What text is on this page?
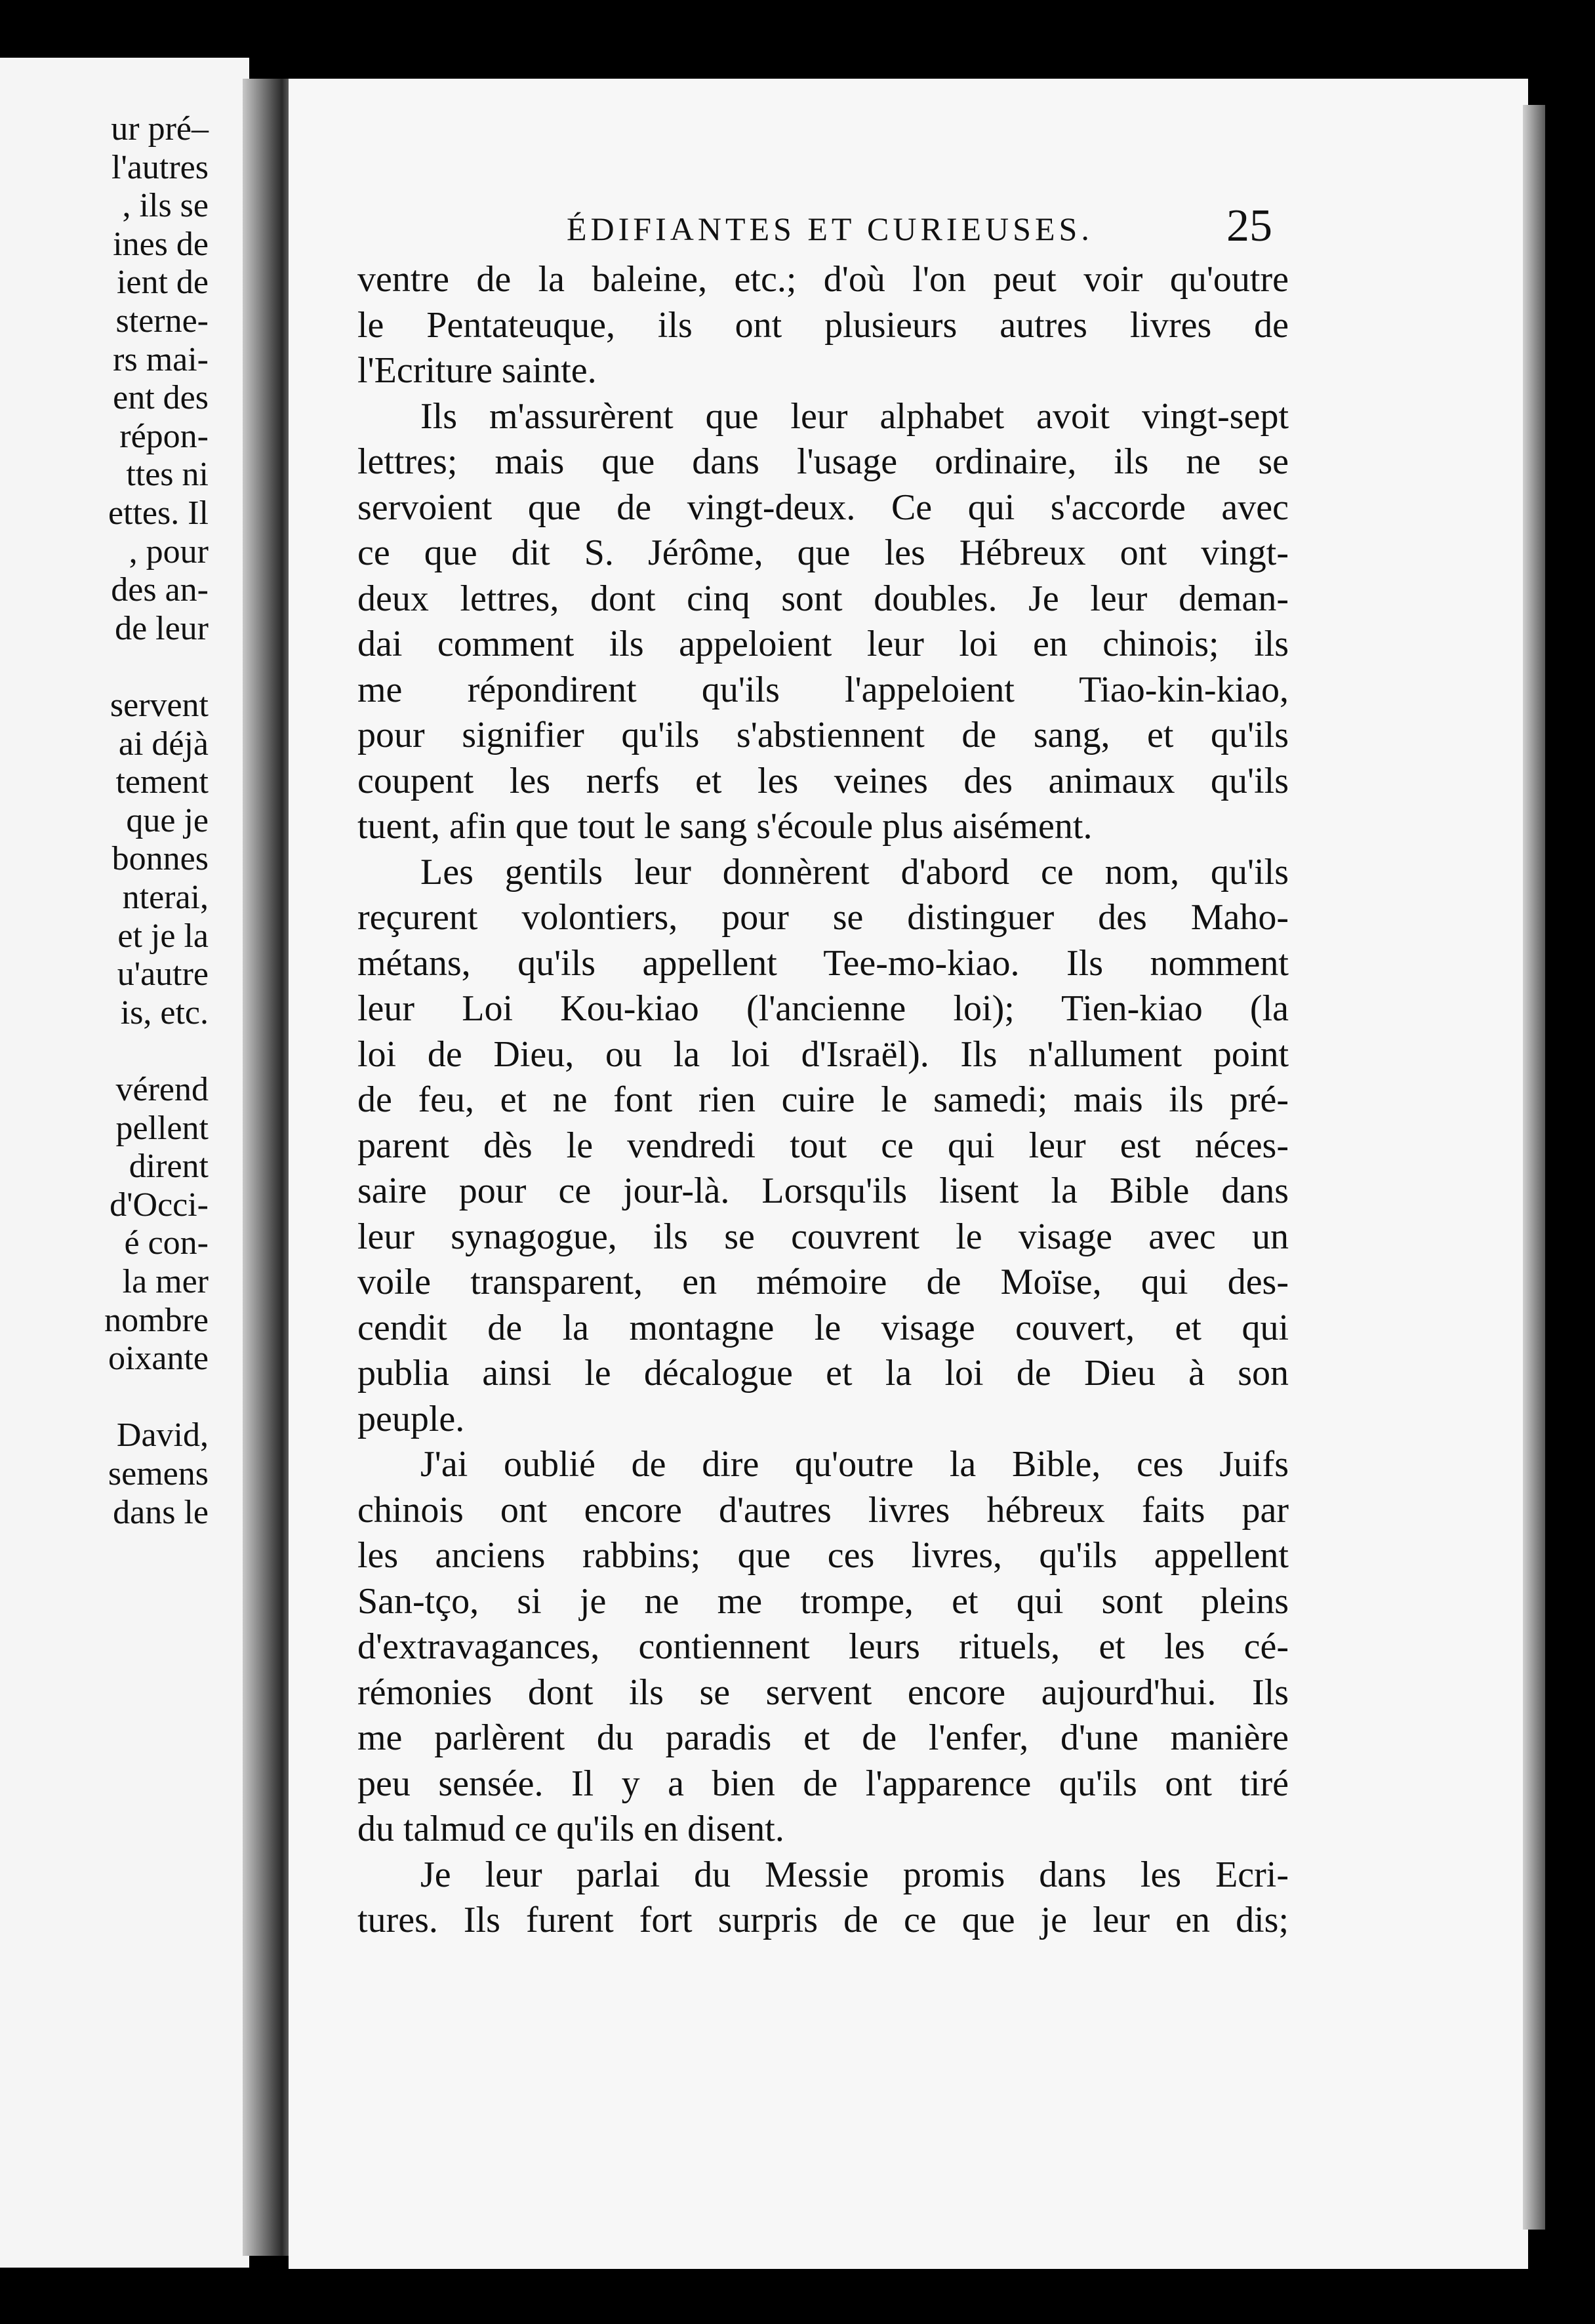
ur pré–
l'autres
, ils se
ines de
ient de
sterne-
rs mai-
ent des
répon-
ttes ni
ettes. Il
, pour
des an-
de leur
servent
ai déjà
tement
que je
bonnes
nterai,
et je la
u'autre
is, etc.
vérend
pellent
dirent
d'Occi-
é con-
la mer
nombre
oixante
David,
semens
dans le
ÉDIFIANTES ET CURIEUSES.	25
ventre de la baleine, etc.; d'où l'on peut voir qu'outre
le Pentateuque, ils ont plusieurs autres livres de
l'Ecriture sainte.
Ils m'assurèrent que leur alphabet avoit vingt-sept
lettres; mais que dans l'usage ordinaire, ils ne se
servoient que de vingt-deux. Ce qui s'accorde avec
ce que dit S. Jérôme, que les Hébreux ont vingt-
deux lettres, dont cinq sont doubles. Je leur deman-
dai comment ils appeloient leur loi en chinois; ils
me répondirent qu'ils l'appeloient Tiao-kin-kiao,
pour signifier qu'ils s'abstiennent de sang, et qu'ils
coupent les nerfs et les veines des animaux qu'ils
tuent, afin que tout le sang s'écoule plus aisément.
Les gentils leur donnèrent d'abord ce nom, qu'ils
reçurent volontiers, pour se distinguer des Maho-
métans, qu'ils appellent Tee-mo-kiao. Ils nomment
leur Loi Kou-kiao (l'ancienne loi); Tien-kiao (la
loi de Dieu, ou la loi d'Israël). Ils n'allument point
de feu, et ne font rien cuire le samedi; mais ils pré-
parent dès le vendredi tout ce qui leur est néces-
saire pour ce jour-là. Lorsqu'ils lisent la Bible dans
leur synagogue, ils se couvrent le visage avec un
voile transparent, en mémoire de Moïse, qui des-
cendit de la montagne le visage couvert, et qui
publia ainsi le décalogue et la loi de Dieu à son
peuple.
J'ai oublié de dire qu'outre la Bible, ces Juifs
chinois ont encore d'autres livres hébreux faits par
les anciens rabbins; que ces livres, qu'ils appellent
San-tço, si je ne me trompe, et qui sont pleins
d'extravagances, contiennent leurs rituels, et les cé-
rémonies dont ils se servent encore aujourd'hui. Ils
me parlèrent du paradis et de l'enfer, d'une manière
peu sensée. Il y a bien de l'apparence qu'ils ont tiré
du talmud ce qu'ils en disent.
Je leur parlai du Messie promis dans les Ecri-
tures. Ils furent fort surpris de ce que je leur en dis;
